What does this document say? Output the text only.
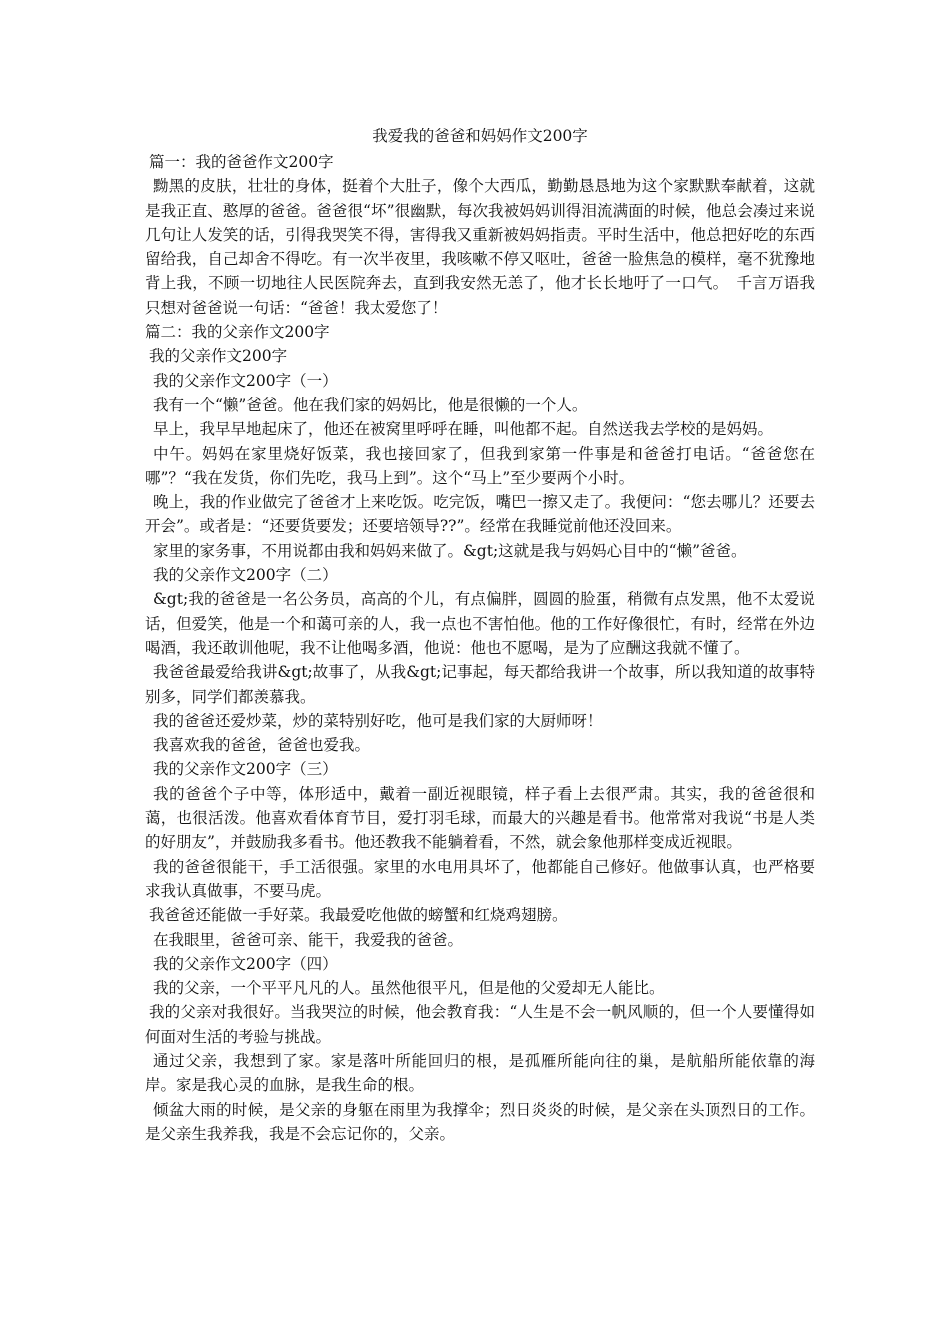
我爱我的爸爸和妈妈作文200字
篇一：我的爸爸作文200字
黝黑的皮肤，壮壮的身体，挺着个大肚子，像个大西瓜，勤勤恳恳地为这个家默默奉献着，这就是我正直、憨厚的爸爸。爸爸很“坏”很幽默，每次我被妈妈训得泪流满面的时候，他总会凑过来说几句让人发笑的话，引得我哭笑不得，害得我又重新被妈妈指责。平时生活中，他总把好吃的东西留给我，自己却舍不得吃。有一次半夜里，我咳嗽不停又呕吐，爸爸一脸焦急的模样，毫不犹豫地背上我，不顾一切地往人民医院奔去，直到我安然无恙了，他才长长地吁了一口气。　千言万语我只想对爸爸说一句话：“爸爸！我太爱您了！
篇二：我的父亲作文200字
我的父亲作文200字
我的父亲作文200字（一）
我有一个“懒”爸爸。他在我们家的妈妈比，他是很懒的一个人。
早上，我早早地起床了，他还在被窝里呼呼在睡，叫他都不起。自然送我去学校的是妈妈。
中午。妈妈在家里烧好饭菜，我也接回家了，但我到家第一件事是和爸爸打电话。“爸爸您在哪”？“我在发货，你们先吃，我马上到”。这个“马上”至少要两个小时。
晚上，我的作业做完了爸爸才上来吃饭。吃完饭，嘴巴一擦又走了。我便问：“您去哪儿？还要去开会”。或者是：“还要货要发；还要培领导??”。经常在我睡觉前他还没回来。
家里的家务事，不用说都由我和妈妈来做了。&gt;这就是我与妈妈心目中的“懒”爸爸。
我的父亲作文200字（二）
&gt;我的爸爸是一名公务员，高高的个儿，有点偏胖，圆圆的脸蛋，稍微有点发黑，他不太爱说话，但爱笑，他是一个和蔼可亲的人，我一点也不害怕他。他的工作好像很忙，有时，经常在外边喝酒，我还敢训他呢，我不让他喝多酒，他说：他也不愿喝，是为了应酬这我就不懂了。
我爸爸最爱给我讲&gt;故事了，从我&gt;记事起，每天都给我讲一个故事，所以我知道的故事特别多，同学们都羡慕我。
我的爸爸还爱炒菜，炒的菜特别好吃，他可是我们家的大厨师呀！
我喜欢我的爸爸，爸爸也爱我。
我的父亲作文200字（三）
我的爸爸个子中等，体形适中，戴着一副近视眼镜，样子看上去很严肃。其实，我的爸爸很和蔼，也很活泼。他喜欢看体育节目，爱打羽毛球，而最大的兴趣是看书。他常常对我说“书是人类的好朋友”，并鼓励我多看书。他还教我不能躺着看，不然，就会象他那样变成近视眼。
我的爸爸很能干，手工活很强。家里的水电用具坏了，他都能自己修好。他做事认真，也严格要求我认真做事，不要马虎。
我爸爸还能做一手好菜。我最爱吃他做的螃蟹和红烧鸡翅膀。
在我眼里，爸爸可亲、能干，我爱我的爸爸。
我的父亲作文200字（四）
我的父亲，一个平平凡凡的人。虽然他很平凡，但是他的父爱却无人能比。
我的父亲对我很好。当我哭泣的时候，他会教育我：“人生是不会一帆风顺的，但一个人要懂得如何面对生活的考验与挑战。
通过父亲，我想到了家。家是落叶所能回归的根，是孤雁所能向往的巢，是航船所能依靠的海岸。家是我心灵的血脉，是我生命的根。
倾盆大雨的时候，是父亲的身躯在雨里为我撑伞；烈日炎炎的时候，是父亲在头顶烈日的工作。是父亲生我养我，我是不会忘记你的，父亲。
